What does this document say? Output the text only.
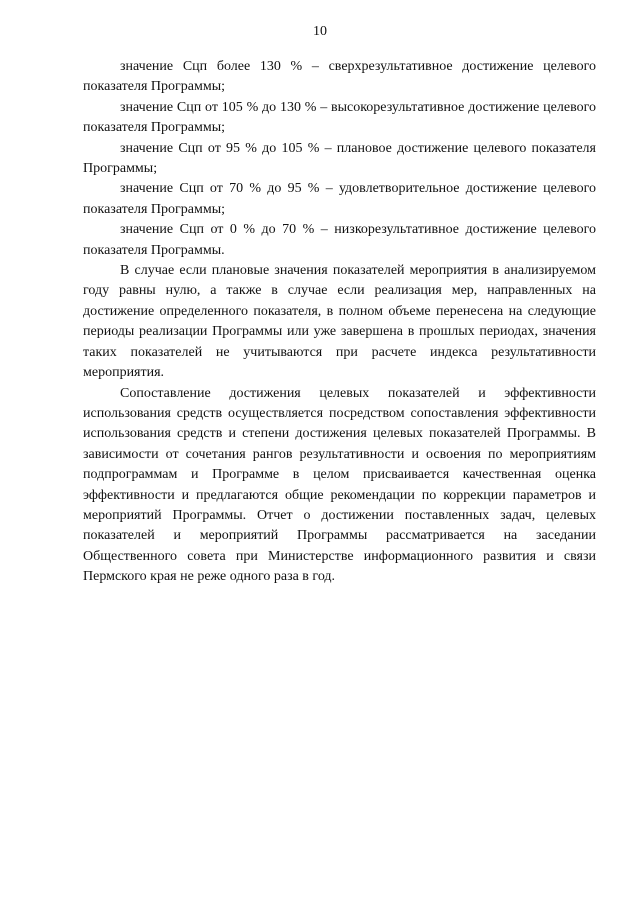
10

значение Сцп более 130 % – сверхрезультативное достижение целевого показателя Программы;

значение Сцп от 105 % до 130 % – высокорезультативное достижение целевого показателя Программы;

значение Сцп от 95 % до 105 % – плановое достижение целевого показателя Программы;

значение Сцп от 70 % до 95 % – удовлетворительное достижение целевого показателя Программы;

значение Сцп от 0 % до 70 % – низкорезультативное достижение целевого показателя Программы.

В случае если плановые значения показателей мероприятия в анализируемом году равны нулю, а также в случае если реализация мер, направленных на достижение определенного показателя, в полном объеме перенесена на следующие периоды реализации Программы или уже завершена в прошлых периодах, значения таких показателей не учитываются при расчете индекса результативности мероприятия.

Сопоставление достижения целевых показателей и эффективности использования средств осуществляется посредством сопоставления эффективности использования средств и степени достижения целевых показателей Программы. В зависимости от сочетания рангов результативности и освоения по мероприятиям подпрограммам и Программе в целом присваивается качественная оценка эффективности и предлагаются общие рекомендации по коррекции параметров и мероприятий Программы. Отчет о достижении поставленных задач, целевых показателей и мероприятий Программы рассматривается на заседании Общественного совета при Министерстве информационного развития и связи Пермского края не реже одного раза в год.
